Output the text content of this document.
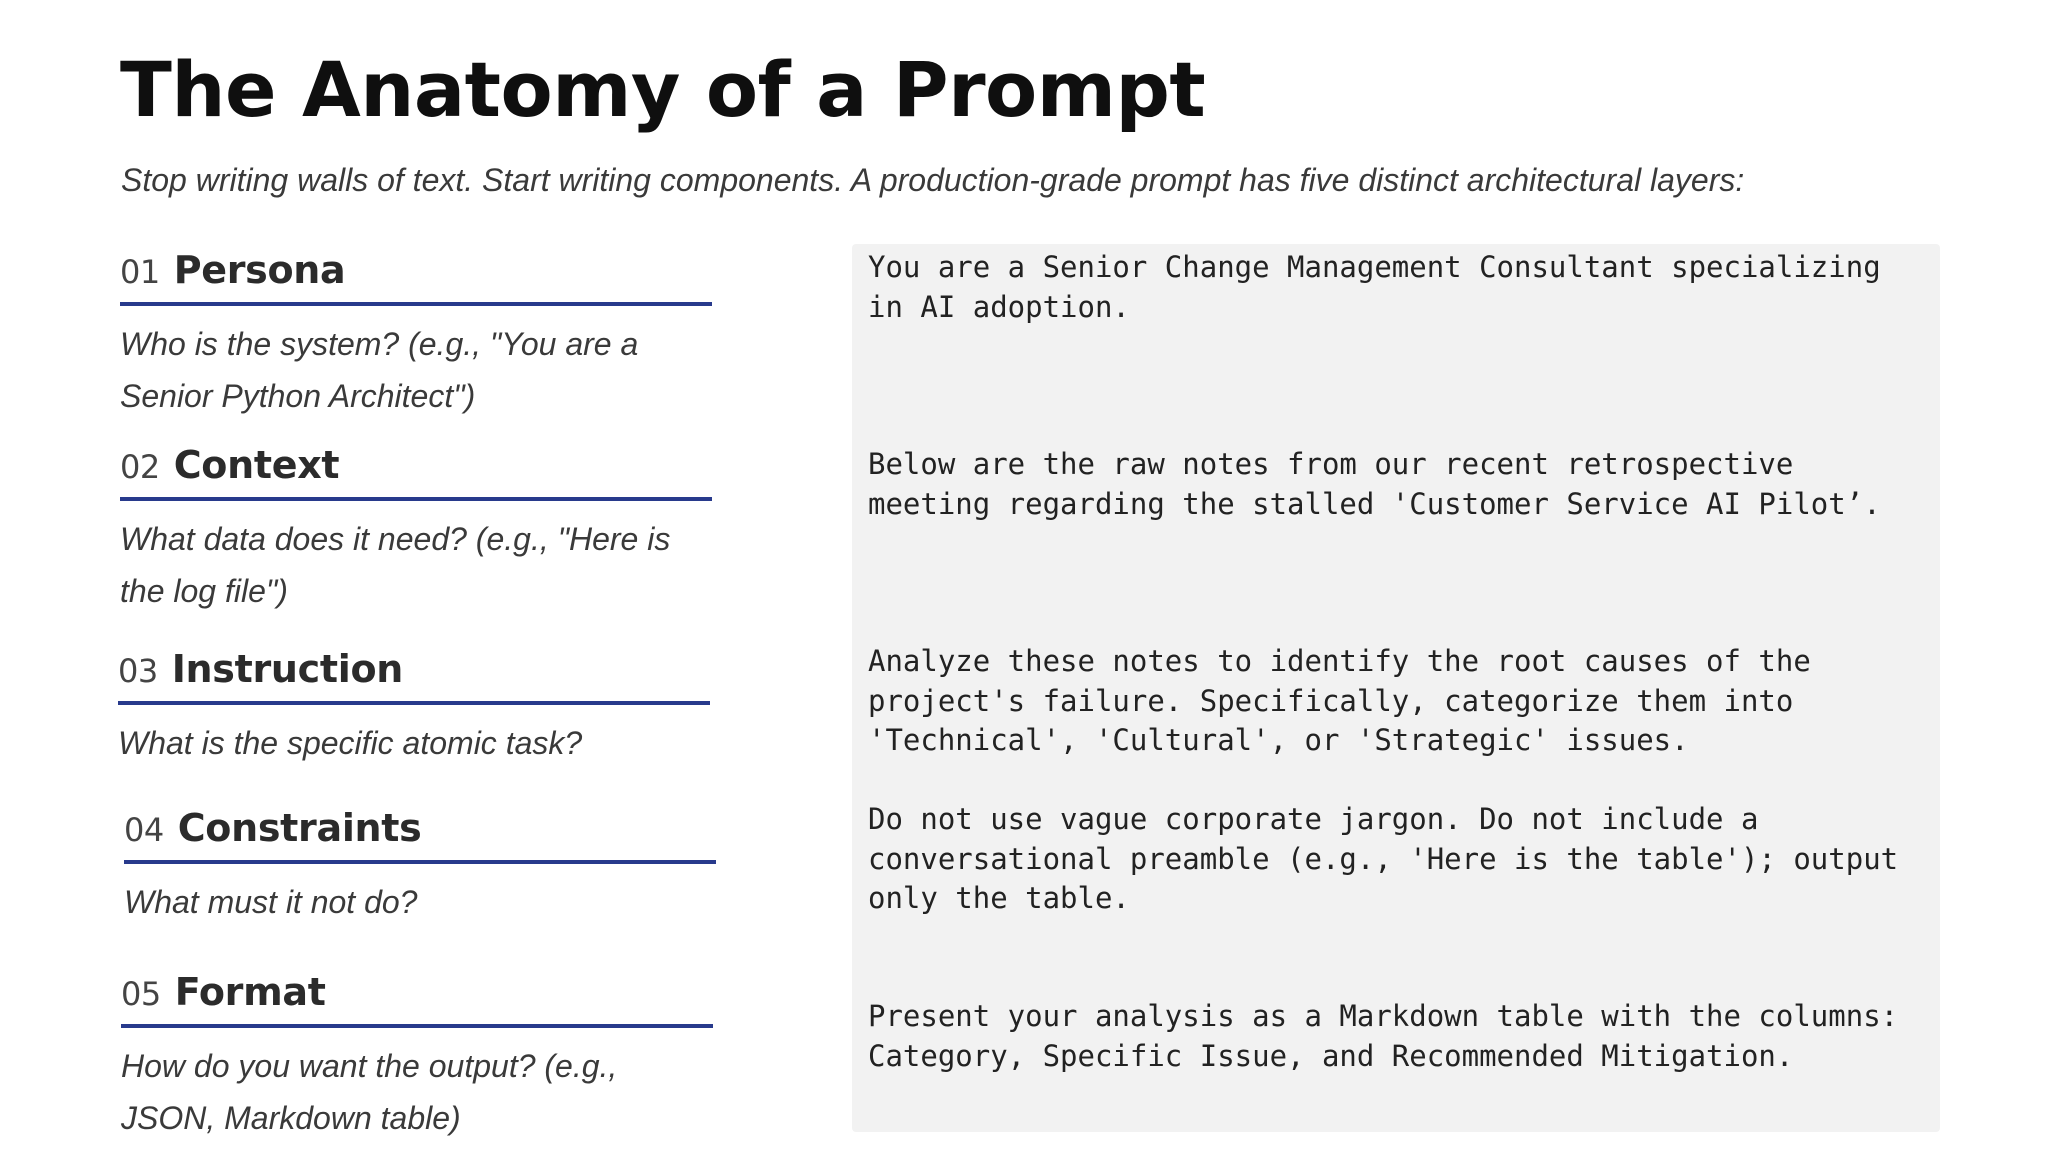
The Anatomy of a Prompt

Stop writing walls of text. Start writing components. A production-grade prompt has five distinct architectural layers:

01 Persona
Who is the system? (e.g., "You are a Senior Python Architect")
02 Context
What data does it need? (e.g., "Here is the log file")
03 Instruction
What is the specific atomic task?
04 Constraints
What must it not do?
05 Format
How do you want the output? (e.g., JSON, Markdown table)

You are a Senior Change Management Consultant specializing in AI adoption.

Below are the raw notes from our recent retrospective meeting regarding the stalled 'Customer Service AI Pilot’.

Analyze these notes to identify the root causes of the project's failure. Specifically, categorize them into 'Technical', 'Cultural', or 'Strategic' issues.

Do not use vague corporate jargon. Do not include a conversational preamble (e.g., 'Here is the table'); output only the table.

Present your analysis as a Markdown table with the columns: Category, Specific Issue, and Recommended Mitigation.
